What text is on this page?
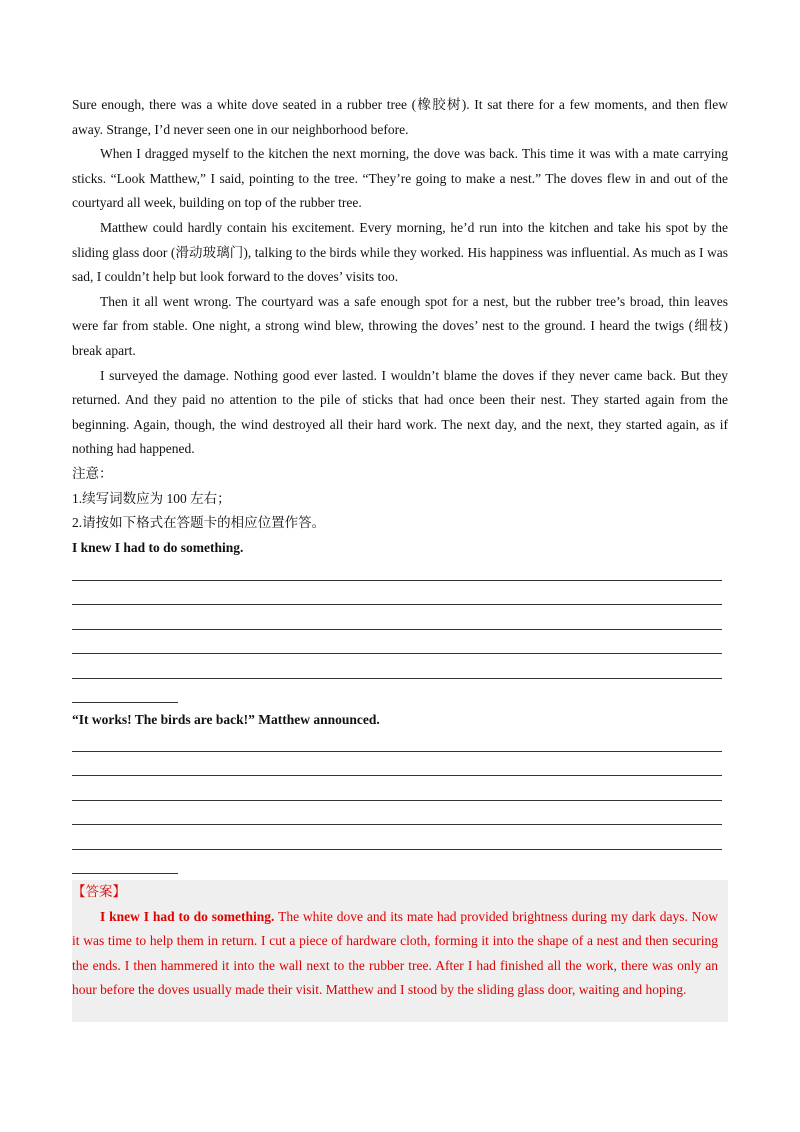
Sure enough, there was a white dove seated in a rubber tree (橡胶树). It sat there for a few moments, and then flew away. Strange, I’d never seen one in our neighborhood before.

When I dragged myself to the kitchen the next morning, the dove was back. This time it was with a mate carrying sticks. “Look Matthew,” I said, pointing to the tree. “They’re going to make a nest.” The doves flew in and out of the courtyard all week, building on top of the rubber tree.

Matthew could hardly contain his excitement. Every morning, he’d run into the kitchen and take his spot by the sliding glass door (滑动玻璃门), talking to the birds while they worked. His happiness was influential. As much as I was sad, I couldn’t help but look forward to the doves’ visits too.

Then it all went wrong. The courtyard was a safe enough spot for a nest, but the rubber tree’s broad, thin leaves were far from stable. One night, a strong wind blew, throwing the doves’ nest to the ground. I heard the twigs (细枝) break apart.

I surveyed the damage. Nothing good ever lasted. I wouldn’t blame the doves if they never came back. But they returned. And they paid no attention to the pile of sticks that had once been their nest. They started again from the beginning. Again, though, the wind destroyed all their hard work. The next day, and the next, they started again, as if nothing had happened.

注意：

1.续写词数应为 100 左右；

2.请按如下格式在答题卡的相应位置作答。

I knew I had to do something.

“It works! The birds are back!” Matthew announced.

【答案】

I knew I had to do something. The white dove and its mate had provided brightness during my dark days. Now it was time to help them in return. I cut a piece of hardware cloth, forming it into the shape of a nest and then securing the ends. I then hammered it into the wall next to the rubber tree. After I had finished all the work, there was only an hour before the doves usually made their visit. Matthew and I stood by the sliding glass door, waiting and hoping.
